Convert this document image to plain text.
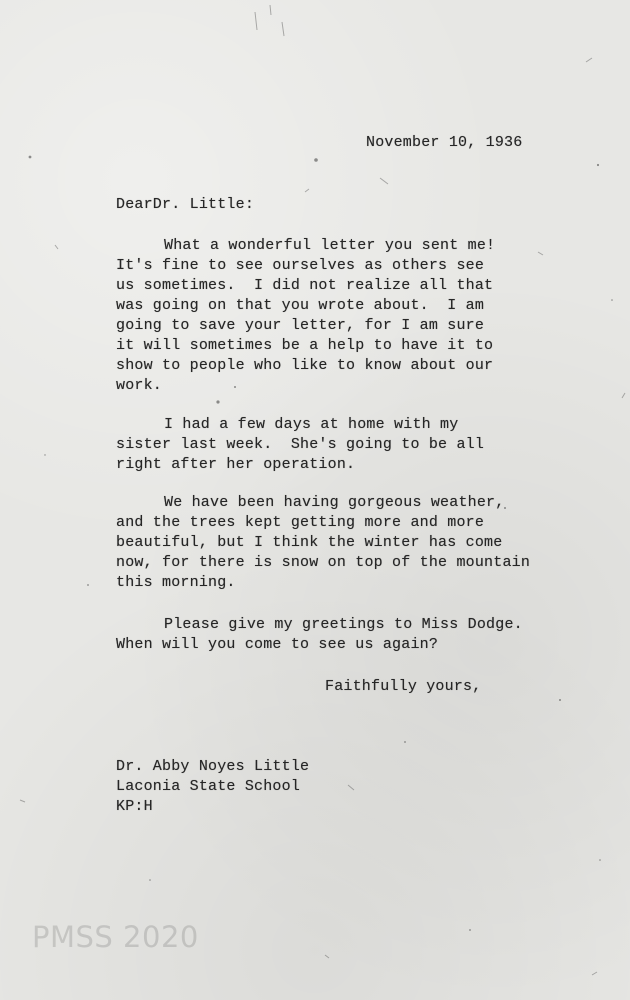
November 10, 1936
DearDr. Little:
What a wonderful letter you sent me!
It's fine to see ourselves as others see
us sometimes.  I did not realize all that
was going on that you wrote about.  I am
going to save your letter, for I am sure
it will sometimes be a help to have it to
show to people who like to know about our
work.
I had a few days at home with my
sister last week.  She's going to be all
right after her operation.
We have been having gorgeous weather,
and the trees kept getting more and more
beautiful, but I think the winter has come
now, for there is snow on top of the mountain
this morning.
Please give my greetings to Miss Dodge.
When will you come to see us again?
Faithfully yours,
Dr. Abby Noyes Little
Laconia State School
KP:H
PMSS 2020
